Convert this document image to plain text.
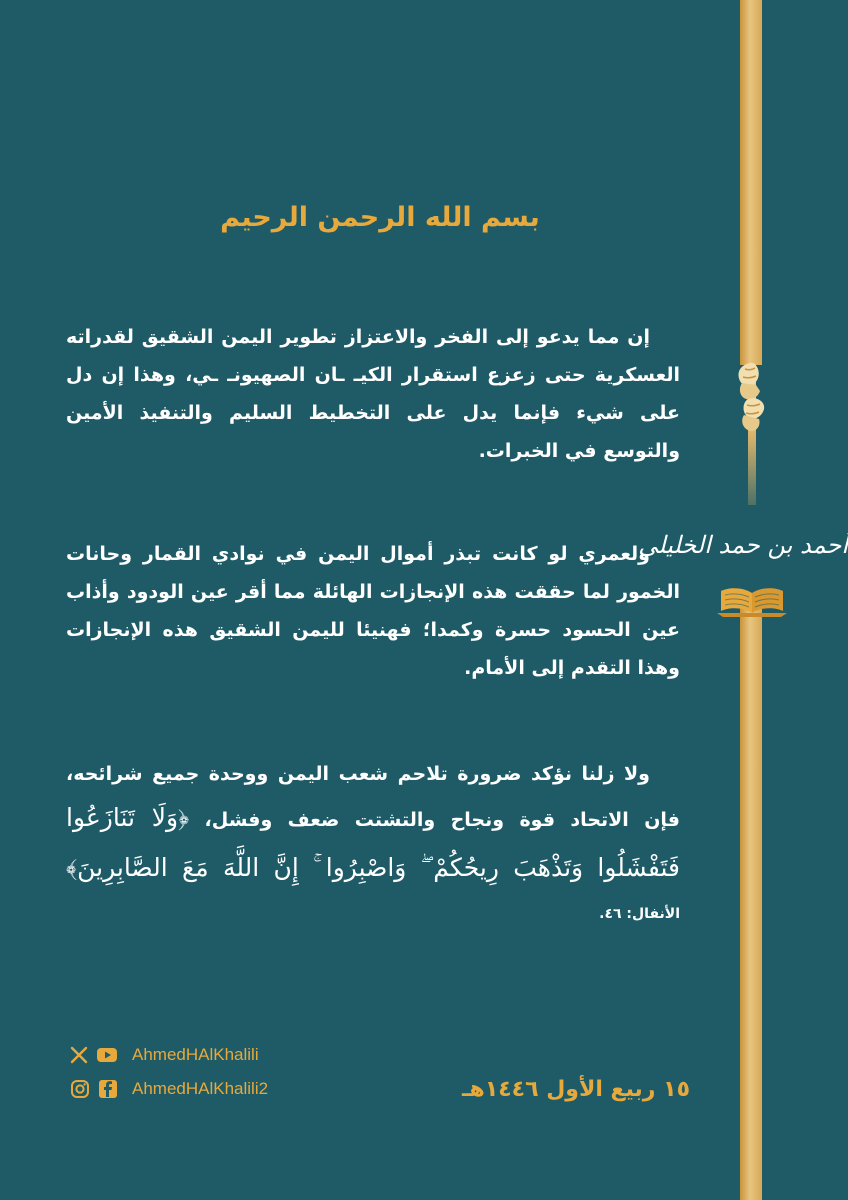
أحمد بن حمد الخليلي
بسم الله الرحمن الرحيم
إن مما يدعو إلى الفخر والاعتزاز تطوير اليمن الشقيق لقدراته العسكرية حتى زعزع استقرار الكيـ ـان الصهيونـ ـي، وهذا إن دل على شيء فإنما يدل على التخطيط السليم والتنفيذ الأمين والتوسع في الخبرات.
ولعمري لو كانت تبذر أموال اليمن في نوادي القمار وحانات الخمور لما حققت هذه الإنجازات الهائلة مما أقر عين الودود وأذاب عين الحسود حسرة وكمدا؛ فهنيئا لليمن الشقيق هذه الإنجازات وهذا التقدم إلى الأمام.
ولا زلنا نؤكد ضرورة تلاحم شعب اليمن ووحدة جميع شرائحه، فإن الاتحاد قوة ونجاح والتشتت ضعف وفشل، ﴿وَلَا تَنَازَعُوا فَتَفْشَلُوا وَتَذْهَبَ رِيحُكُمْ ۖ وَاصْبِرُوا ۚ إِنَّ اللَّهَ مَعَ الصَّابِرِينَ﴾ الأنفال: ٤٦.
AhmedHAlKhalili
AhmedHAlKhalili2	١٥ ربيع الأول ١٤٤٦هـ
